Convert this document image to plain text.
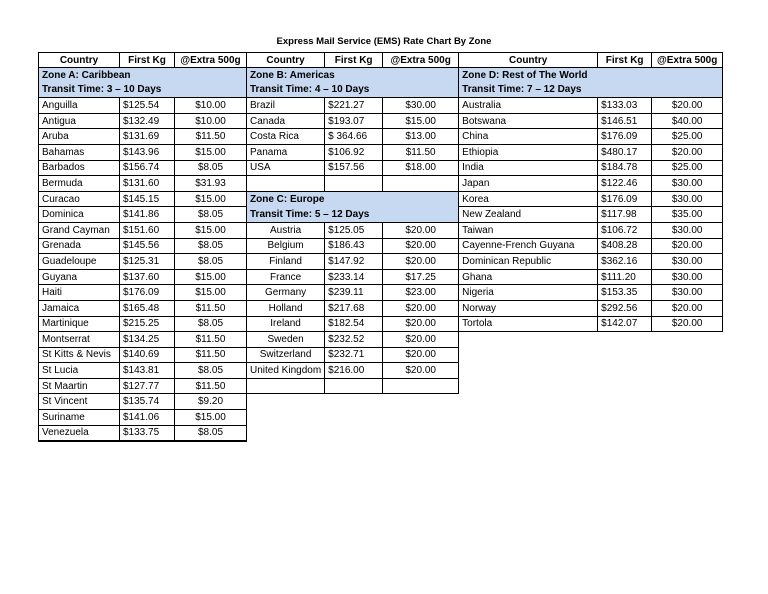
Express Mail Service (EMS) Rate Chart By Zone
Country	First Kg	@Extra 500g	Country	First Kg	@Extra 500g	Country	First Kg	@Extra 500g
Zone A: Caribbean			Zone B: Americas			Zone D: Rest of The World		
Transit Time: 3 – 10 Days			Transit Time: 4 – 10 Days			Transit Time: 7 – 12 Days		
Anguilla	$125.54	$10.00	Brazil	$221.27	$30.00	Australia	$133.03	$20.00
Antigua	$132.49	$10.00	Canada	$193.07	$15.00	Botswana	$146.51	$40.00
Aruba	$131.69	$11.50	Costa Rica	$ 364.66	$13.00	China	$176.09	$25.00
Bahamas	$143.96	$15.00	Panama	$106.92	$11.50	Ethiopia	$480.17	$20.00
Barbados	$156.74	$8.05	USA	$157.56	$18.00	India	$184.78	$25.00
Bermuda	$131.60	$31.93				Japan	$122.46	$30.00
Curacao	$145.15	$15.00	Zone C: Europe			Korea	$176.09	$30.00
Dominica	$141.86	$8.05	Transit Time: 5 – 12 Days			New Zealand	$117.98	$35.00
Grand Cayman	$151.60	$15.00	Austria	$125.05	$20.00	Taiwan	$106.72	$30.00
Grenada	$145.56	$8.05	Belgium	$186.43	$20.00	Cayenne-French Guyana	$408.28	$20.00
Guadeloupe	$125.31	$8.05	Finland	$147.92	$20.00	Dominican Republic	$362.16	$30.00
Guyana	$137.60	$15.00	France	$233.14	$17.25	Ghana	$111.20	$30.00
Haiti	$176.09	$15.00	Germany	$239.11	$23.00	Nigeria	$153.35	$30.00
Jamaica	$165.48	$11.50	Holland	$217.68	$20.00	Norway	$292.56	$20.00
Martinique	$215.25	$8.05	Ireland	$182.54	$20.00	Tortola	$142.07	$20.00
Montserrat	$134.25	$11.50	Sweden	$232.52	$20.00			
St Kitts & Nevis	$140.69	$11.50	Switzerland	$232.71	$20.00			
St Lucia	$143.81	$8.05	United Kingdom	$216.00	$20.00			
St Maartin	$127.77	$11.50						
St Vincent	$135.74	$9.20						
Suriname	$141.06	$15.00						
Venezuela	$133.75	$8.05						
